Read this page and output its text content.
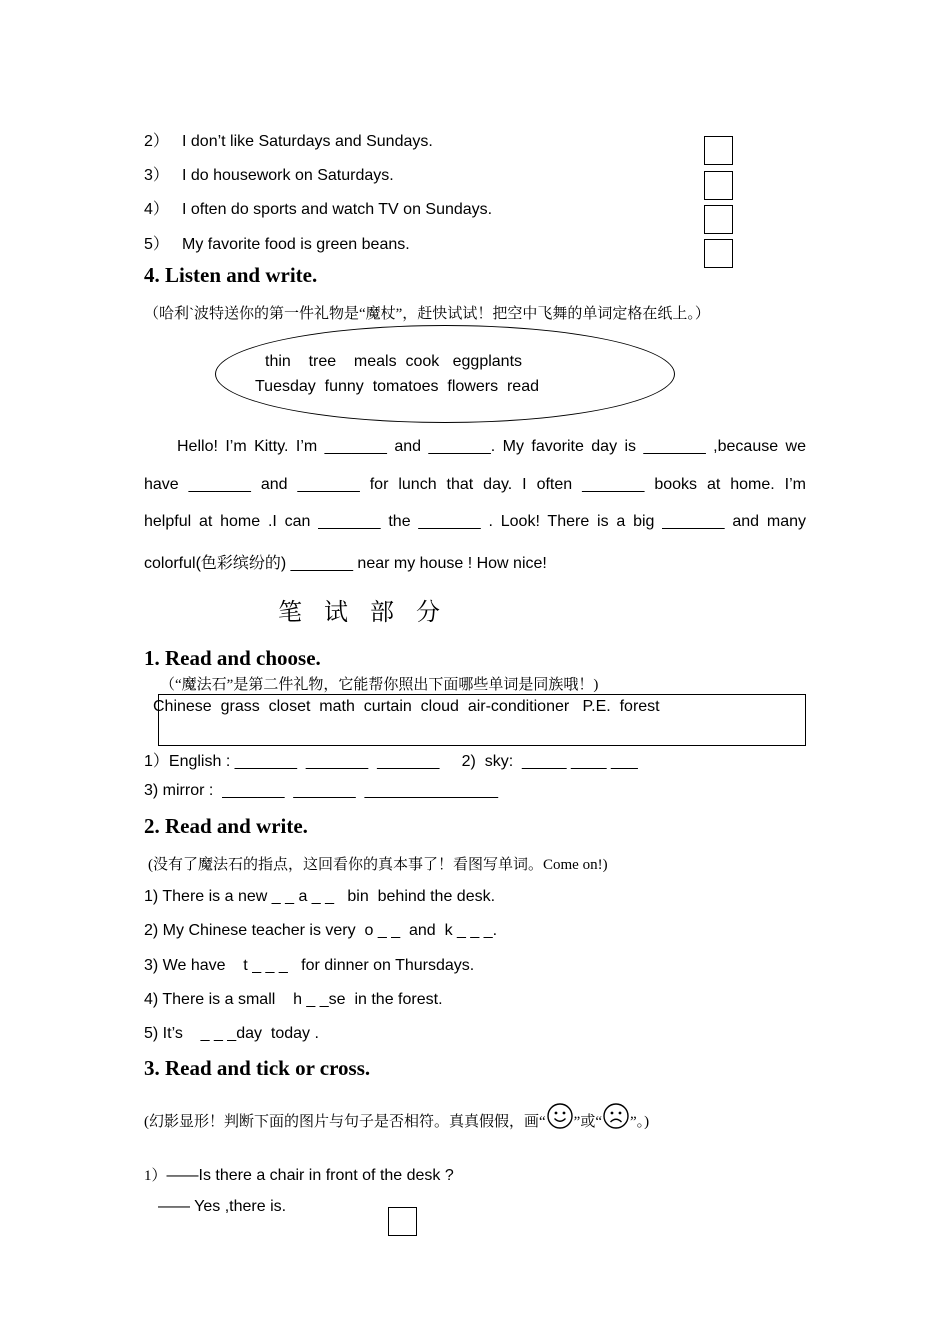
2） I don’t like Saturdays and Sundays.
3） I do housework on Saturdays.
4） I often do sports and watch TV on Sundays.
5） My favorite food is green beans.
4. Listen and write.
（哈利`波特送你的第一件礼物是“魔杖”，赶快试试！把空中飞舞的单词定格在纸上。）
thin    tree    meals  cook   eggplants
Tuesday  funny  tomatoes  flowers  read
Hello! I’m Kitty. I’m _______ and _______. My favorite day is _______ ,because we
have _______ and _______ for lunch that day. I often _______ books at home. I’m
helpful at home .I can _______ the _______ . Look! There is a big _______ and many
colorful(色彩缤纷的) _______ near my house ! How nice!
笔试部分
1. Read and choose.
（“魔法石”是第二件礼物，它能帮你照出下面哪些单词是同族哦！)
Chinese  grass  closet  math  curtain  cloud  air-conditioner   P.E.  forest
1）English : _______  _______  _______     2)  sky:  _____ ____ ___
3) mirror :  _______  _______  _______________
2. Read and write.
(没有了魔法石的指点，这回看你的真本事了！看图写单词。Come on!)
1) There is a new _ _ a _ _   bin  behind the desk.
2) My Chinese teacher is very  o _ _  and  k _ _ _.
3) We have    t _ _ _   for dinner on Thursdays.
4) There is a small    h _ _se  in the forest.
5) It’s    _ _ _day  today .
3. Read and tick or cross.
(幻影显形！判断下面的图片与句子是否相符。真真假假，画“ ”或“ ”。)
1）——Is there a chair in front of the desk ?
—— Yes ,there is.
